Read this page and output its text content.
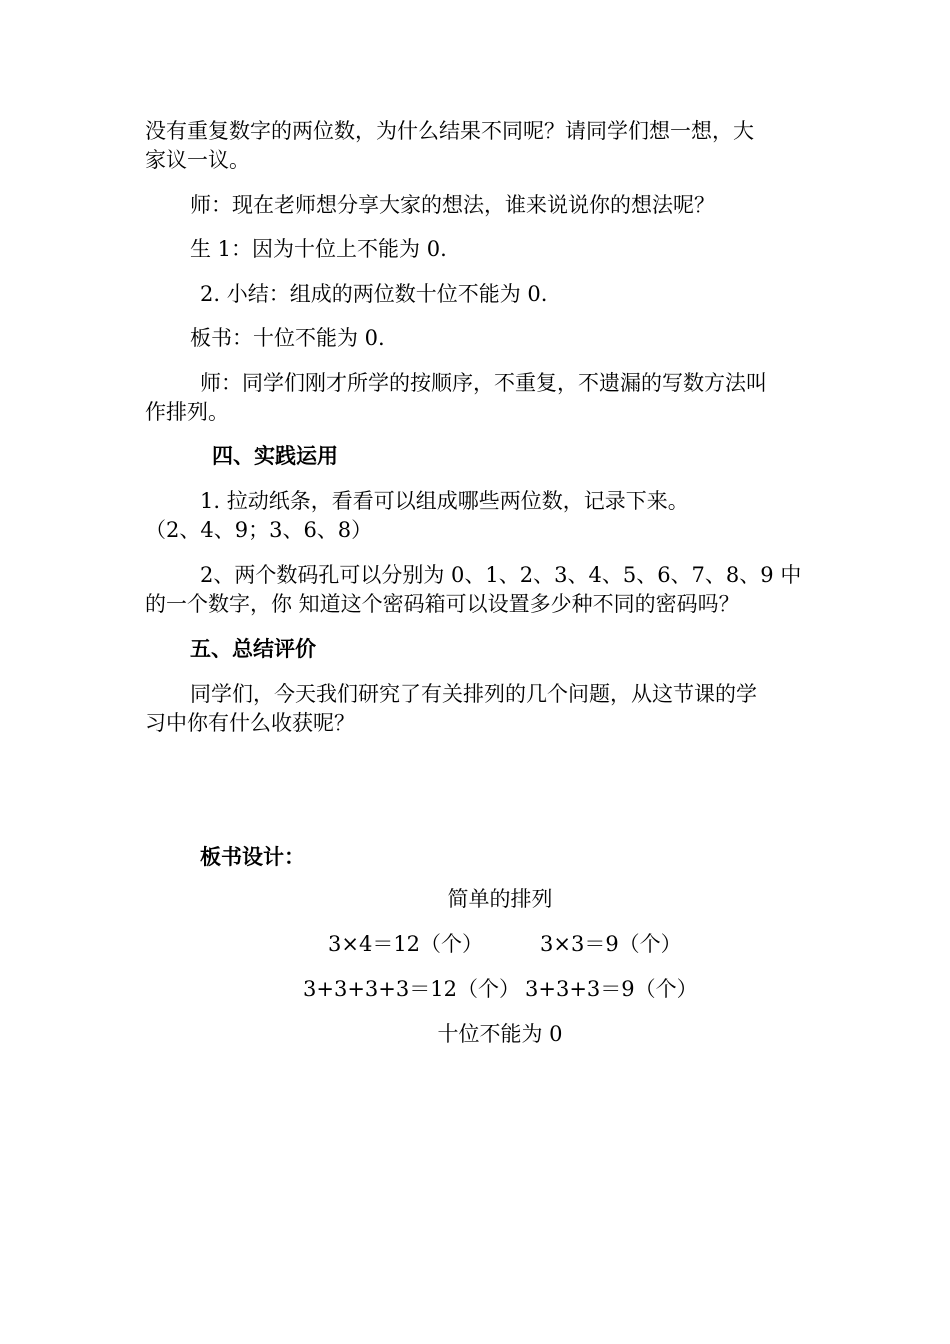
没有重复数字的两位数，为什么结果不同呢？请同学们想一想，大
家议一议。
师：现在老师想分享大家的想法，谁来说说你的想法呢？
生 1：因为十位上不能为 0.
2. 小结：组成的两位数十位不能为 0.
板书：十位不能为 0.
师：同学们刚才所学的按顺序，不重复，不遗漏的写数方法叫
作排列。
四、实践运用
1. 拉动纸条，看看可以组成哪些两位数，记录下来。
（2、4、9；3、6、8）
2、两个数码孔可以分别为 0、1、2、3、4、5、6、7、8、9 中
的一个数字，你 知道这个密码箱可以设置多少种不同的密码吗？
五、总结评价
同学们，今天我们研究了有关排列的几个问题，从这节课的学
习中你有什么收获呢？
板书设计：
简单的排列
3×4＝12（个）	3×3＝9（个）
3+3+3+3＝12（个） 3+3+3＝9（个）
十位不能为 0
